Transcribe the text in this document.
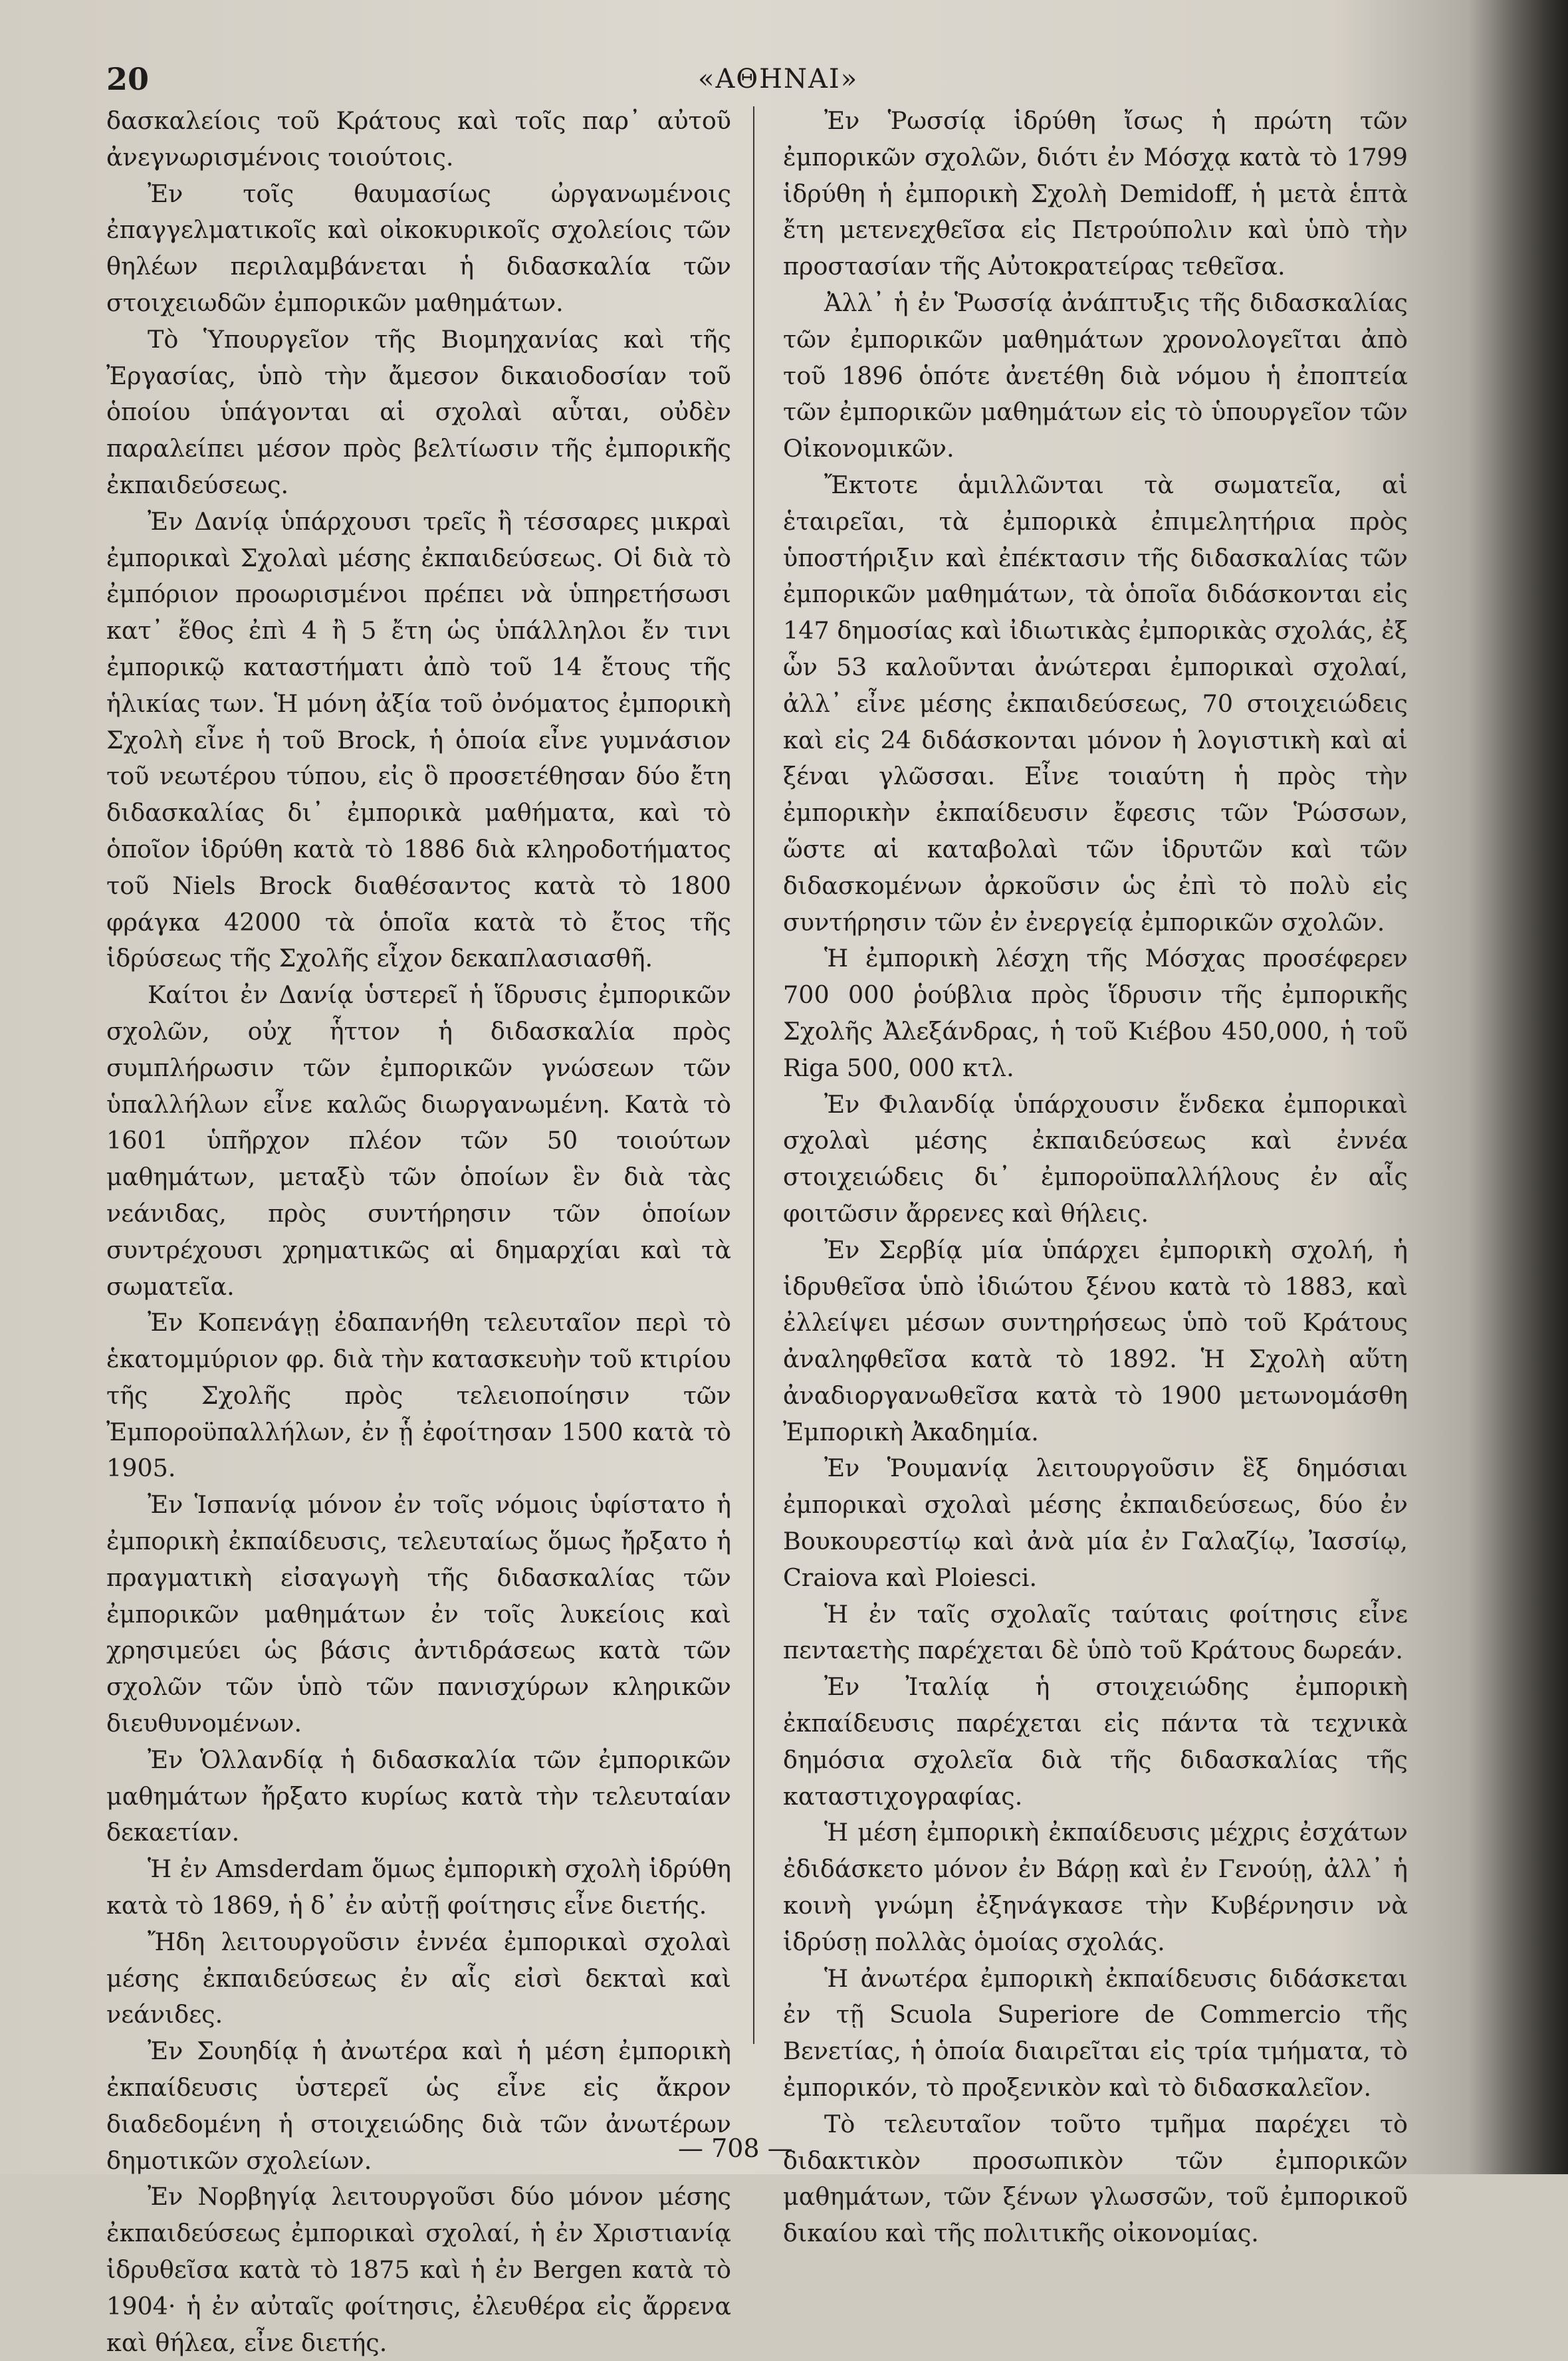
20	«ΑΘΗΝΑΙ»

δασκαλείοις τοῦ Κράτους καὶ τοῖς παρ᾽ αὐτοῦ ἀνεγνωρισμένοις τοιούτοις.

Ἐν τοῖς θαυμασίως ὠργανωμένοις ἐπαγγελματικοῖς καὶ οἰκοκυρικοῖς σχολείοις τῶν θηλέων περιλαμβάνεται ἡ διδασκαλία τῶν στοιχειωδῶν ἐμπορικῶν μαθημάτων.

Τὸ Ὑπουργεῖον τῆς Βιομηχανίας καὶ τῆς Ἐργασίας, ὑπὸ τὴν ἄμεσον δικαιοδοσίαν τοῦ ὁποίου ὑπάγονται αἱ σχολαὶ αὗται, οὐδὲν παραλείπει μέσον πρὸς βελτίωσιν τῆς ἐμπορικῆς ἐκπαιδεύσεως.

Ἐν Δανίᾳ ὑπάρχουσι τρεῖς ἢ τέσσαρες μικραὶ ἐμπορικαὶ Σχολαὶ μέσης ἐκπαιδεύσεως. Οἱ διὰ τὸ ἐμπόριον προωρισμένοι πρέπει νὰ ὑπηρετήσωσι κατ᾽ ἔθος ἐπὶ 4 ἢ 5 ἔτη ὡς ὑπάλληλοι ἔν τινι ἐμπορικῷ καταστήματι ἀπὸ τοῦ 14 ἔτους τῆς ἡλικίας των. Ἡ μόνη ἀξία τοῦ ὀνόματος ἐμπορικὴ Σχολὴ εἶνε ἡ τοῦ Brock, ἡ ὁποία εἶνε γυμνάσιον τοῦ νεωτέρου τύπου, εἰς ὃ προσετέθησαν δύο ἔτη διδασκαλίας δι᾽ ἐμπορικὰ μαθήματα, καὶ τὸ ὁποῖον ἱδρύθη κατὰ τὸ 1886 διὰ κληροδοτήματος τοῦ Niels Brock διαθέσαντος κατὰ τὸ 1800 φράγκα 42000 τὰ ὁποῖα κατὰ τὸ ἔτος τῆς ἱδρύσεως τῆς Σχολῆς εἶχον δεκαπλασιασθῆ.

Καίτοι ἐν Δανίᾳ ὑστερεῖ ἡ ἵδρυσις ἐμπορικῶν σχολῶν, οὐχ ἧττον ἡ διδασκαλία πρὸς συμπλήρωσιν τῶν ἐμπορικῶν γνώσεων τῶν ὑπαλλήλων εἶνε καλῶς διωργανωμένη. Κατὰ τὸ 1601 ὑπῆρχον πλέον τῶν 50 τοιούτων μαθημάτων, μεταξὺ τῶν ὁποίων ἓν διὰ τὰς νεάνιδας, πρὸς συντήρησιν τῶν ὁποίων συντρέχουσι χρηματικῶς αἱ δημαρχίαι καὶ τὰ σωματεῖα.

Ἐν Κοπενάγῃ ἐδαπανήθη τελευταῖον περὶ τὸ ἑκατομμύριον φρ. διὰ τὴν κατασκευὴν τοῦ κτιρίου τῆς Σχολῆς πρὸς τελειοποίησιν τῶν Ἐμποροϋπαλλήλων, ἐν ᾗ ἐφοίτησαν 1500 κατὰ τὸ 1905.

Ἐν Ἱσπανίᾳ μόνον ἐν τοῖς νόμοις ὑφίστατο ἡ ἐμπορικὴ ἐκπαίδευσις, τελευταίως ὅμως ἤρξατο ἡ πραγματικὴ εἰσαγωγὴ τῆς διδασκαλίας τῶν ἐμπορικῶν μαθημάτων ἐν τοῖς λυκείοις καὶ χρησιμεύει ὡς βάσις ἀντιδράσεως κατὰ τῶν σχολῶν τῶν ὑπὸ τῶν πανισχύρων κληρικῶν διευθυνομένων.

Ἐν Ὁλλανδίᾳ ἡ διδασκαλία τῶν ἐμπορικῶν μαθημάτων ἤρξατο κυρίως κατὰ τὴν τελευταίαν δεκαετίαν.

Ἡ ἐν Amsderdam ὅμως ἐμπορικὴ σχολὴ ἱδρύθη κατὰ τὸ 1869, ἡ δ᾽ ἐν αὐτῇ φοίτησις εἶνε διετής.

Ἤδη λειτουργοῦσιν ἐννέα ἐμπορικαὶ σχολαὶ μέσης ἐκπαιδεύσεως ἐν αἷς εἰσὶ δεκταὶ καὶ νεάνιδες.

Ἐν Σουηδίᾳ ἡ ἀνωτέρα καὶ ἡ μέση ἐμπορικὴ ἐκπαίδευσις ὑστερεῖ ὡς εἶνε εἰς ἄκρον διαδεδομένη ἡ στοιχειώδης διὰ τῶν ἀνωτέρων δημοτικῶν σχολείων.

Ἐν Νορβηγίᾳ λειτουργοῦσι δύο μόνον μέσης ἐκπαιδεύσεως ἐμπορικαὶ σχολαί, ἡ ἐν Χριστιανίᾳ ἱδρυθεῖσα κατὰ τὸ 1875 καὶ ἡ ἐν Bergen κατὰ τὸ 1904· ἡ ἐν αὐταῖς φοίτησις, ἐλευθέρα εἰς ἄρρενα καὶ θήλεα, εἶνε διετής.

Ἐν Ῥωσσίᾳ ἱδρύθη ἴσως ἡ πρώτη τῶν ἐμπορικῶν σχολῶν, διότι ἐν Μόσχᾳ κατὰ τὸ 1799 ἱδρύθη ἡ ἐμπορικὴ Σχολὴ Demidoff, ἡ μετὰ ἑπτὰ ἔτη μετενεχθεῖσα εἰς Πετρούπολιν καὶ ὑπὸ τὴν προστασίαν τῆς Αὐτοκρατείρας τεθεῖσα.

Ἀλλ᾽ ἡ ἐν Ῥωσσίᾳ ἀνάπτυξις τῆς διδασκαλίας τῶν ἐμπορικῶν μαθημάτων χρονολογεῖται ἀπὸ τοῦ 1896 ὁπότε ἀνετέθη διὰ νόμου ἡ ἐποπτεία τῶν ἐμπορικῶν μαθημάτων εἰς τὸ ὑπουργεῖον τῶν Οἰκονομικῶν.

Ἔκτοτε ἁμιλλῶνται τὰ σωματεῖα, αἱ ἑταιρεῖαι, τὰ ἐμπορικὰ ἐπιμελητήρια πρὸς ὑποστήριξιν καὶ ἐπέκτασιν τῆς διδασκαλίας τῶν ἐμπορικῶν μαθημάτων, τὰ ὁποῖα διδάσκονται εἰς 147 δημοσίας καὶ ἰδιωτικὰς ἐμπορικὰς σχολάς, ἐξ ὧν 53 καλοῦνται ἀνώτεραι ἐμπορικαὶ σχολαί, ἀλλ᾽ εἶνε μέσης ἐκπαιδεύσεως, 70 στοιχειώδεις καὶ εἰς 24 διδάσκονται μόνον ἡ λογιστικὴ καὶ αἱ ξέναι γλῶσσαι. Εἶνε τοιαύτη ἡ πρὸς τὴν ἐμπορικὴν ἐκπαίδευσιν ἔφεσις τῶν Ῥώσσων, ὥστε αἱ καταβολαὶ τῶν ἱδρυτῶν καὶ τῶν διδασκομένων ἀρκοῦσιν ὡς ἐπὶ τὸ πολὺ εἰς συντήρησιν τῶν ἐν ἐνεργείᾳ ἐμπορικῶν σχολῶν.

Ἡ ἐμπορικὴ λέσχη τῆς Μόσχας προσέφερεν 700 000 ῥούβλια πρὸς ἵδρυσιν τῆς ἐμπορικῆς Σχολῆς Ἀλεξάνδρας, ἡ τοῦ Κιέβου 450,000, ἡ τοῦ Riga 500, 000 κτλ.

Ἐν Φιλανδίᾳ ὑπάρχουσιν ἕνδεκα ἐμπορικαὶ σχολαὶ μέσης ἐκπαιδεύσεως καὶ ἐννέα στοιχειώδεις δι᾽ ἐμποροϋπαλλήλους ἐν αἷς φοιτῶσιν ἄρρενες καὶ θήλεις.

Ἐν Σερβίᾳ μία ὑπάρχει ἐμπορικὴ σχολή, ἡ ἱδρυθεῖσα ὑπὸ ἰδιώτου ξένου κατὰ τὸ 1883, καὶ ἐλλείψει μέσων συντηρήσεως ὑπὸ τοῦ Κράτους ἀναληφθεῖσα κατὰ τὸ 1892. Ἡ Σχολὴ αὕτη ἀναδιοργανωθεῖσα κατὰ τὸ 1900 μετωνομάσθη Ἐμπορικὴ Ἀκαδημία.

Ἐν Ῥουμανίᾳ λειτουργοῦσιν ἓξ δημόσιαι ἐμπορικαὶ σχολαὶ μέσης ἐκπαιδεύσεως, δύο ἐν Βουκουρεστίῳ καὶ ἀνὰ μία ἐν Γαλαζίῳ, Ἰασσίῳ, Craiova καὶ Ploiesci.

Ἡ ἐν ταῖς σχολαῖς ταύταις φοίτησις εἶνε πενταετὴς παρέχεται δὲ ὑπὸ τοῦ Κράτους δωρεάν.

Ἐν Ἰταλίᾳ ἡ στοιχειώδης ἐμπορικὴ ἐκπαίδευσις παρέχεται εἰς πάντα τὰ τεχνικὰ δημόσια σχολεῖα διὰ τῆς διδασκαλίας τῆς καταστιχογραφίας.

Ἡ μέση ἐμπορικὴ ἐκπαίδευσις μέχρις ἐσχάτων ἐδιδάσκετο μόνον ἐν Βάρῃ καὶ ἐν Γενούῃ, ἀλλ᾽ ἡ κοινὴ γνώμη ἐξηνάγκασε τὴν Κυβέρνησιν νὰ ἱδρύσῃ πολλὰς ὁμοίας σχολάς.

Ἡ ἀνωτέρα ἐμπορικὴ ἐκπαίδευσις διδάσκεται ἐν τῇ Scuola Superiore de Commercio τῆς Βενετίας, ἡ ὁποία διαιρεῖται εἰς τρία τμήματα, τὸ ἐμπορικόν, τὸ προξενικὸν καὶ τὸ διδασκαλεῖον.

Τὸ τελευταῖον τοῦτο τμῆμα παρέχει τὸ διδακτικὸν προσωπικὸν τῶν ἐμπορικῶν μαθημάτων, τῶν ξένων γλωσσῶν, τοῦ ἐμπορικοῦ δικαίου καὶ τῆς πολιτικῆς οἰκονομίας.

— 708 —
